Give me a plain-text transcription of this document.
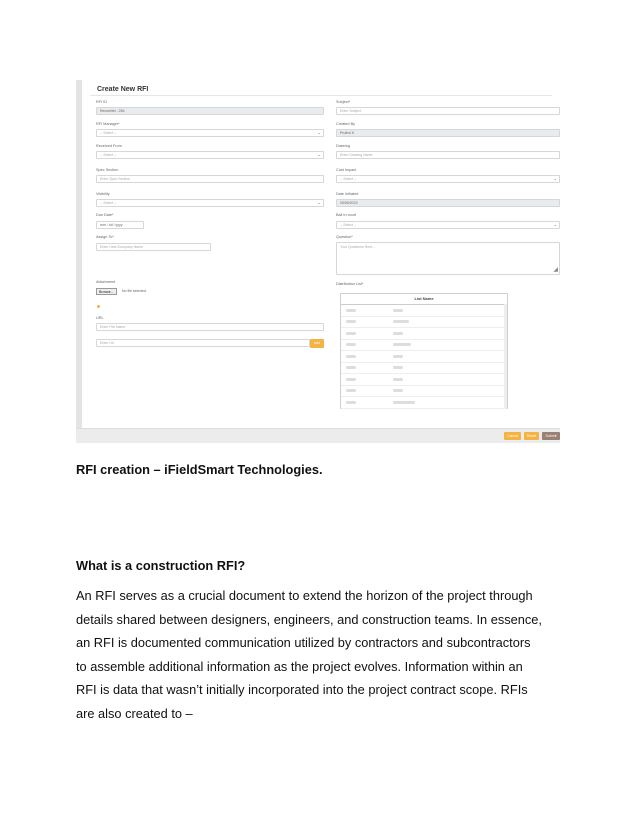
Create New RFI
RFI ID
Recumitel - 284
RFI Manager*
-- Select --	⌄
Received From
-- Select --	⌄
Spec Section
Enter Spec Section
Visibility
-- Select --	⌄
Due Date*
mm / dd / yyyy
Assign To*
Enter User/Company Name
Attachment
Browse...	No file selected.
URL
Enter File Name
Enter Url	Add
Subject*
Enter Subject
Created By
Pruthvi K
Drawing
Enter Drawing Name
Cost Impact
-- Select --	⌄
Date Initiated
05/05/2023
Ball In court
-- Select --	⌄
Question*
Your Questions Here...
◢
Distribution List*
List Name
Cancel	Reset	Submit
RFI creation – iFieldSmart Technologies.
What is a construction RFI?
An RFI serves as a crucial document to extend the horizon of the project through
details shared between designers, engineers, and construction teams. In essence,
an RFI is documented communication utilized by contractors and subcontractors
to assemble additional information as the project evolves. Information within an
RFI is data that wasn’t initially incorporated into the project contract scope. RFIs
are also created to –
